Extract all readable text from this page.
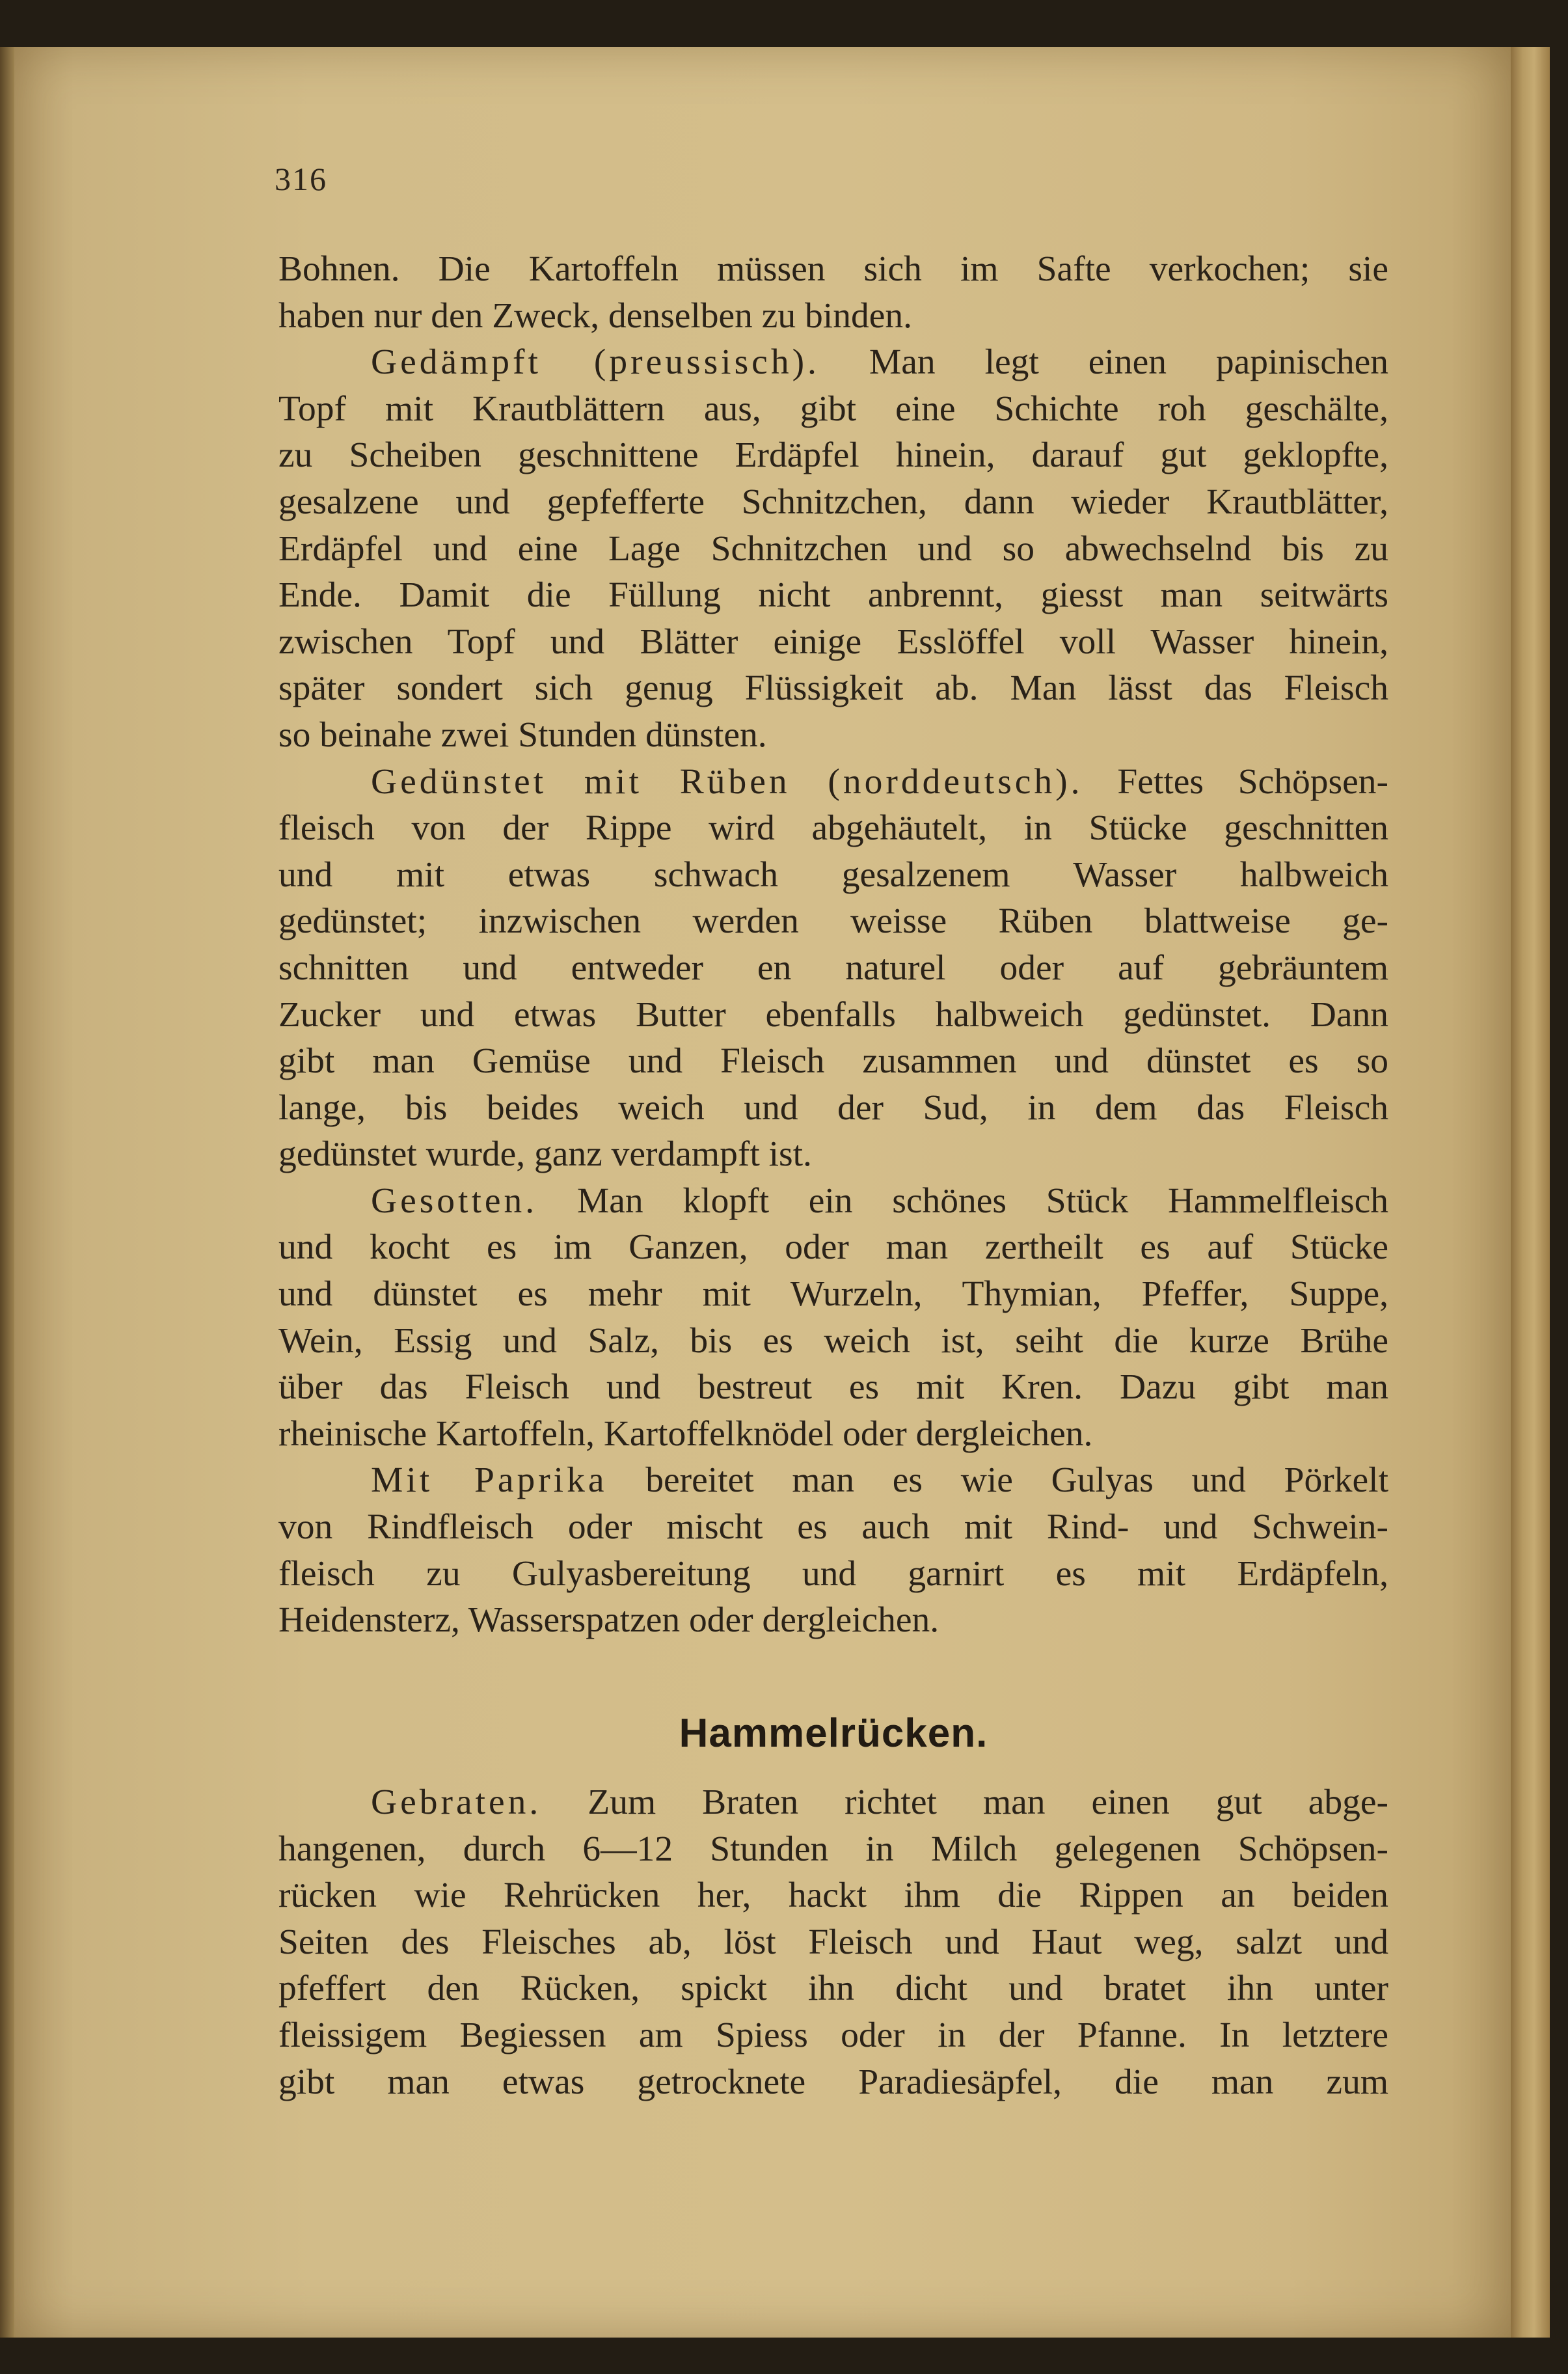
316
Bohnen. Die Kartoffeln müssen sich im Safte verkochen; sie
haben nur den Zweck, denselben zu binden.
Gedämpft (preussisch). Man legt einen papinischen
Topf mit Krautblättern aus, gibt eine Schichte roh geschälte,
zu Scheiben geschnittene Erdäpfel hinein, darauf gut geklopfte,
gesalzene und gepfefferte Schnitzchen, dann wieder Krautblätter,
Erdäpfel und eine Lage Schnitzchen und so abwechselnd bis zu
Ende. Damit die Füllung nicht anbrennt, giesst man seitwärts
zwischen Topf und Blätter einige Esslöffel voll Wasser hinein,
später sondert sich genug Flüssigkeit ab. Man lässt das Fleisch
so beinahe zwei Stunden dünsten.
Gedünstet mit Rüben (norddeutsch). Fettes Schöpsen-
fleisch von der Rippe wird abgehäutelt, in Stücke geschnitten
und mit etwas schwach gesalzenem Wasser halbweich
gedünstet; inzwischen werden weisse Rüben blattweise ge-
schnitten und entweder en naturel oder auf gebräuntem
Zucker und etwas Butter ebenfalls halbweich gedünstet. Dann
gibt man Gemüse und Fleisch zusammen und dünstet es so
lange, bis beides weich und der Sud, in dem das Fleisch
gedünstet wurde, ganz verdampft ist.
Gesotten. Man klopft ein schönes Stück Hammelfleisch
und kocht es im Ganzen, oder man zertheilt es auf Stücke
und dünstet es mehr mit Wurzeln, Thymian, Pfeffer, Suppe,
Wein, Essig und Salz, bis es weich ist, seiht die kurze Brühe
über das Fleisch und bestreut es mit Kren. Dazu gibt man
rheinische Kartoffeln, Kartoffelknödel oder dergleichen.
Mit Paprika bereitet man es wie Gulyas und Pörkelt
von Rindfleisch oder mischt es auch mit Rind- und Schwein-
fleisch zu Gulyasbereitung und garnirt es mit Erdäpfeln,
Heidensterz, Wasserspatzen oder dergleichen.
Hammelrücken.
Gebraten. Zum Braten richtet man einen gut abge-
hangenen, durch 6—12 Stunden in Milch gelegenen Schöpsen-
rücken wie Rehrücken her, hackt ihm die Rippen an beiden
Seiten des Fleisches ab, löst Fleisch und Haut weg, salzt und
pfeffert den Rücken, spickt ihn dicht und bratet ihn unter
fleissigem Begiessen am Spiess oder in der Pfanne. In letztere
gibt man etwas getrocknete Paradiesäpfel, die man zum
